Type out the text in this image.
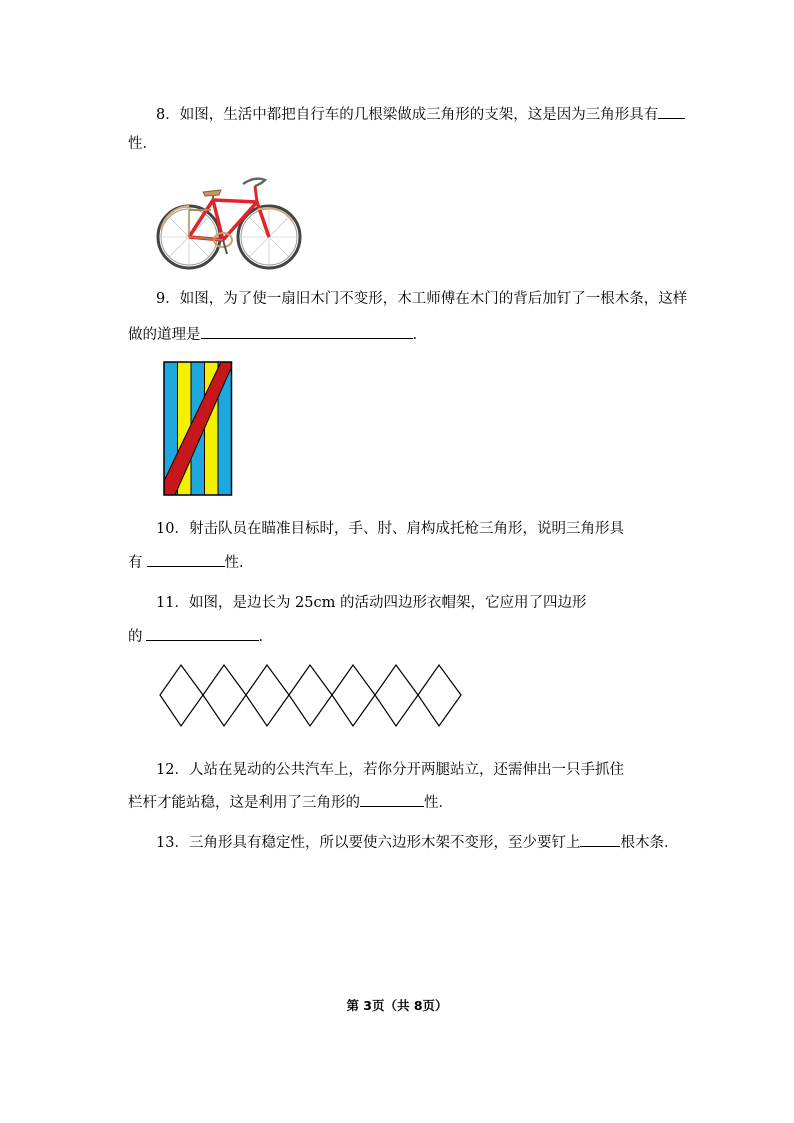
8．如图，生活中都把自行车的几根梁做成三角形的支架，这是因为三角形具有
性．
9．如图，为了使一扇旧木门不变形，木工师傅在木门的背后加钉了一根木条，这样
做的道理是	．
10．射击队员在瞄准目标时，手、肘、肩构成托枪三角形，说明三角形具
有	性．
11．如图，是边长为 25cm 的活动四边形衣帽架，它应用了四边形
的	．
12．人站在晃动的公共汽车上，若你分开两腿站立，还需伸出一只手抓住
栏杆才能站稳，这是利用了三角形的	性．
13．三角形具有稳定性，所以要使六边形木架不变形，至少要钉上	根木条．
第 3页（共 8页）
